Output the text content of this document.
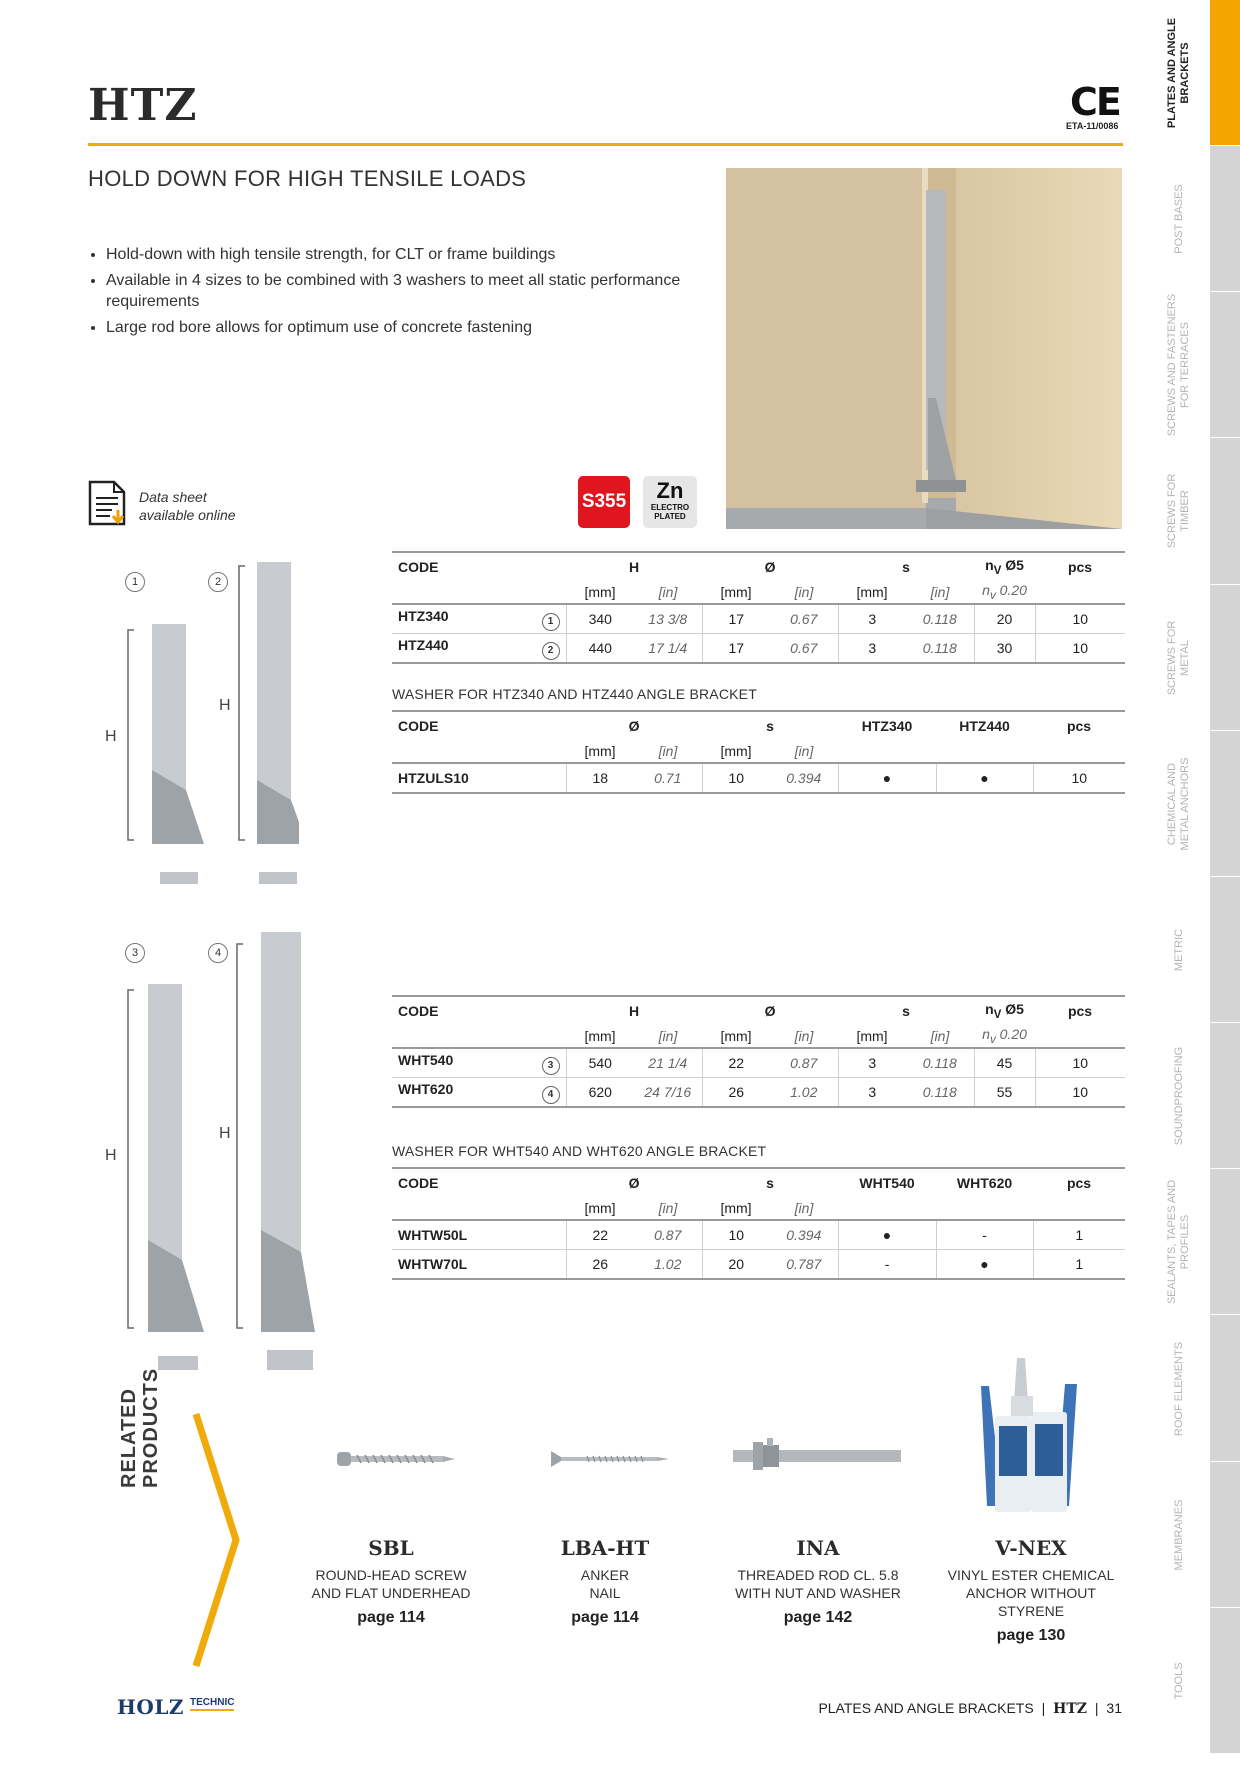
HTZ	CE
ETA-11/0086
HOLD DOWN FOR HIGH TENSILE LOADS
• Hold-down with high tensile strength, for CLT or frame buildings
• Available in 4 sizes to be combined with 3 washers to meet all static performance requirements
• Large rod bore allows for optimum use of concrete fastening
Data sheet
available online
S355	Zn
ELECTRO
PLATED
1	2
H
H
3	4
H
H
CODE	H		Ø		s		$n_V$ Ø5	pcs
	[mm]	[in]	[mm]	[in]	[mm]	[in]	$n_v$ 0.20	
HTZ340 1	340	13 3/8	17	0.67	3	0.118	20	10
HTZ440 2	440	17 1/4	17	0.67	3	0.118	30	10
WASHER FOR HTZ340 AND HTZ440 ANGLE BRACKET
CODE	Ø		s		HTZ340	HTZ440	pcs
	[mm]	[in]	[mm]	[in]			
HTZULS10	18	0.71	10	0.394	●	●	10
CODE	H		Ø		s		$n_V$ Ø5	pcs
	[mm]	[in]	[mm]	[in]	[mm]	[in]	$n_v$ 0.20	
WHT540 3	540	21 1/4	22	0.87	3	0.118	45	10
WHT620 4	620	24 7/16	26	1.02	3	0.118	55	10
WASHER FOR WHT540 AND WHT620 ANGLE BRACKET
CODE	Ø		s		WHT540	WHT620	pcs
	[mm]	[in]	[mm]	[in]			
WHTW50L	22	0.87	10	0.394	●	-	1
WHTW70L	26	1.02	20	0.787	-	●	1
RELATED PRODUCTS
SBL
ROUND-HEAD SCREW
AND FLAT UNDERHEAD
page 114
LBA-HT
ANKER
NAIL
page 114
INA
THREADED ROD CL. 5.8
WITH NUT AND WASHER
page 142
V-NEX
VINYL ESTER CHEMICAL
ANCHOR WITHOUT
STYRENE
page 130
HOLZ TECHNIC	PLATES AND ANGLE BRACKETS | HTZ | 31
PLATES AND ANGLE BRACKETS
POST BASES
SCREWS AND FASTENERS FOR TERRACES
SCREWS FOR TIMBER
SCREWS FOR METAL
CHEMICAL AND METAL ANCHORS
METRIC
SOUNDPROOFING
SEALANTS, TAPES AND PROFILES
ROOF ELEMENTS
MEMBRANES
TOOLS
